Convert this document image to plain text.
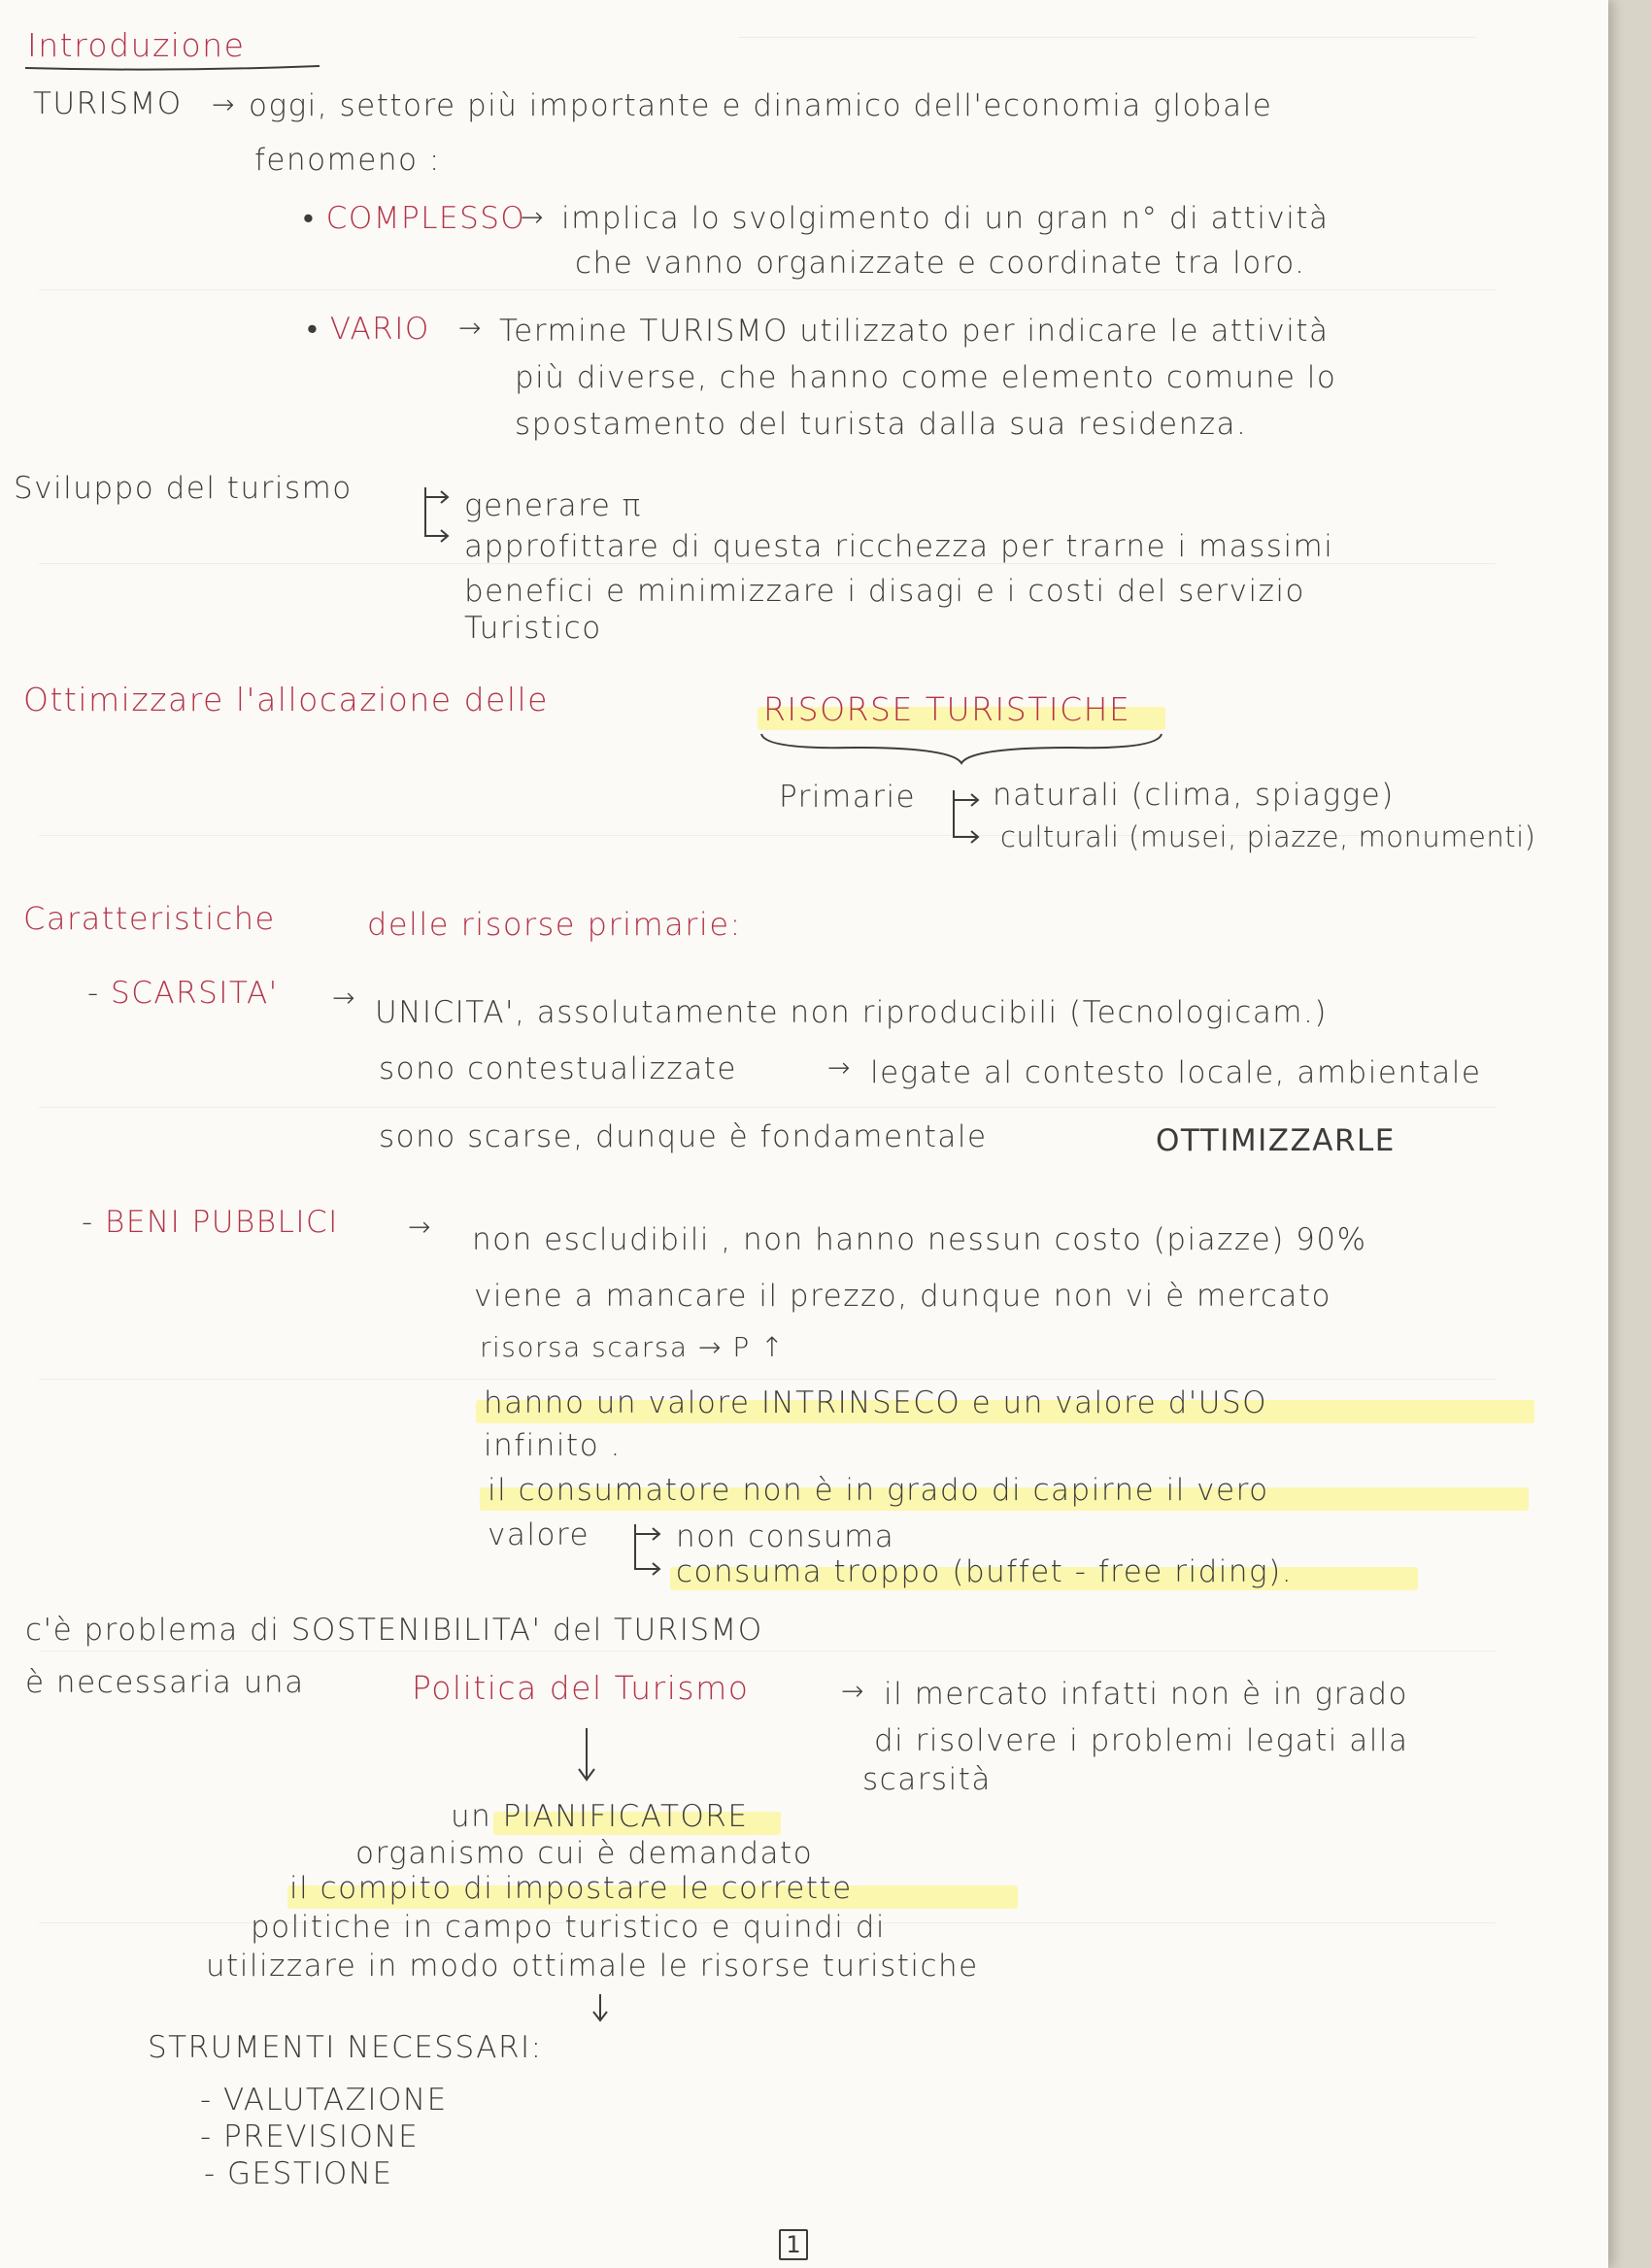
Introduzione
TURISMO → oggi, settore più importante e dinamico dell'economia globale
fenomeno :
• COMPLESSO
→ implica lo svolgimento di un gran n° di attività
che vanno organizzate e coordinate tra loro.
• VARIO → Termine TURISMO utilizzato per indicare le attività
più diverse, che hanno come elemento comune lo
spostamento del turista dalla sua residenza.
Sviluppo del turismo	generare π
approfittare di questa ricchezza per trarne i massimi
benefici e minimizzare i disagi e i costi del servizio
Turistico
Ottimizzare l'allocazione delle	RISORSE TURISTICHE
Primarie	naturali (clima, spiagge)
culturali (musei, piazze, monumenti)
Caratteristiche	delle risorse primarie:
- SCARSITA' → UNICITA', assolutamente non riproducibili (Tecnologicam.)
sono contestualizzate	→ legate al contesto locale, ambientale
sono scarse, dunque è fondamentale	OTTIMIZZARLE
- BENI PUBBLICI	→ non escludibili , non hanno nessun costo (piazze) 90%
viene a mancare il prezzo, dunque non vi è mercato
risorsa scarsa → P ↑
hanno un valore INTRINSECO e un valore d'USO
infinito .
il consumatore non è in grado di capirne il vero
valore	non consuma
consuma troppo (buffet - free riding).
c'è problema di SOSTENIBILITA' del TURISMO
è necessaria una	Politica del Turismo	→ il mercato infatti non è in grado
di risolvere i problemi legati alla
scarsità
un PIANIFICATORE
organismo cui è demandato
il compito di impostare le corrette
politiche in campo turistico e quindi di
utilizzare in modo ottimale le risorse turistiche
STRUMENTI NECESSARI:
- VALUTAZIONE
- PREVISIONE
- GESTIONE
1
